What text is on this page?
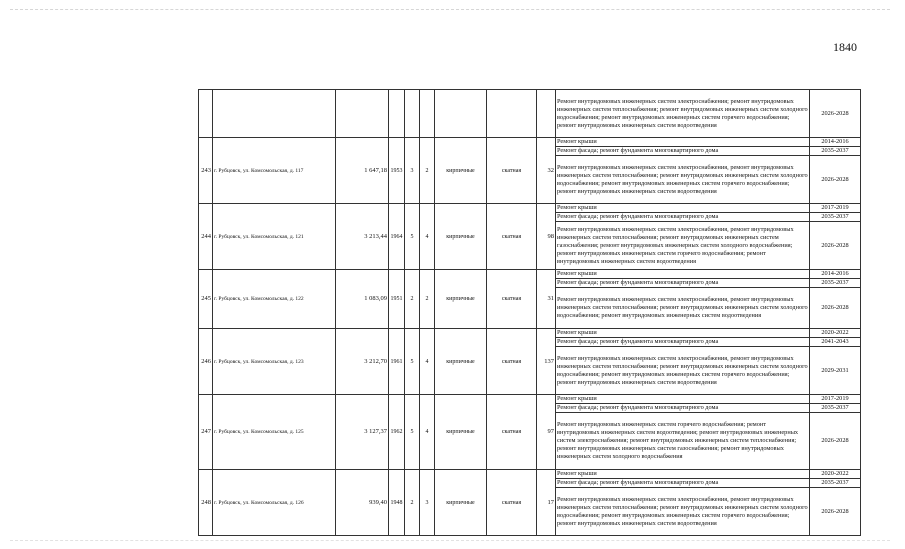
1840
									Ремонт внутридомовых инженерных систем электроснабжения; ремонт внутридомовых инженерных систем теплоснабжения; ремонт внутридомовых инженерных систем холодного водоснабжения; ремонт внутридомовых инженерных систем горячего водоснабжения; ремонт внутридомовых инженерных систем водоотведения	2026-2028
243	г. Рубцовск, ул. Комсомольская, д. 117	1 647,18	1953	3	2	кирпичные	скатная	32	Ремонт крыши	2014-2016
									Ремонт фасада; ремонт фундамента многоквартирного дома	2035-2037
									Ремонт внутридомовых инженерных систем электроснабжения, ремонт внутридомовых инженерных систем теплоснабжения; ремонт внутридомовых инженерных систем холодного водоснабжения; ремонт внутридомовых инженерных систем горячего водоснабжения; ремонт внутридомовых инженерных систем водоотведения	2026-2028
244	г. Рубцовск, ул. Комсомольская, д. 121	3 213,44	1964	5	4	кирпичные	скатная	98	Ремонт крыши	2017-2019
									Ремонт фасада; ремонт фундамента многоквартирного дома	2035-2037
									Ремонт внутридомовых инженерных систем электроснабжения, ремонт внутридомовых инженерных систем теплоснабжения; ремонт внутридомовых инженерных систем газоснабжения; ремонт внутридомовых инженерных систем холодного водоснабжения; ремонт внутридомовых инженерных систем горячего водоснабжения; ремонт внутридомовых инженерных систем водоотведения	2026-2028
245	г. Рубцовск, ул. Комсомольская, д. 122	1 083,09	1951	2	2	кирпичные	скатная	31	Ремонт крыши	2014-2016
									Ремонт фасада; ремонт фундамента многоквартирного дома	2035-2037
									Ремонт внутридомовых инженерных систем электроснабжения, ремонт внутридомовых инженерных систем теплоснабжения; ремонт внутридомовых инженерных систем холодного водоснабжения; ремонт внутридомовых инженерных систем водоотведения	2026-2028
246	г. Рубцовск, ул. Комсомольская, д. 123	3 212,70	1961	5	4	кирпичные	скатная	137	Ремонт крыши	2020-2022
									Ремонт фасада; ремонт фундамента многоквартирного дома	2041-2043
									Ремонт внутридомовых инженерных систем электроснабжения, ремонт внутридомовых инженерных систем теплоснабжения; ремонт внутридомовых инженерных систем холодного водоснабжения; ремонт внутридомовых инженерных систем горячего водоснабжения; ремонт внутридомовых инженерных систем водоотведения	2029-2031
247	г. Рубцовск, ул. Комсомольская, д. 125	3 127,37	1962	5	4	кирпичные	скатная	97	Ремонт крыши	2017-2019
									Ремонт фасада; ремонт фундамента многоквартирного дома	2035-2037
									Ремонт внутридомовых инженерных систем горячего водоснабжения; ремонт внутридомовых инженерных систем водоотведения; ремонт внутридомовых инженерных систем электроснабжения; ремонт внутридомовых инженерных систем теплоснабжения; ремонт внутридомовых инженерных систем газоснабжения; ремонт внутридомовых инженерных систем холодного водоснабжения	2026-2028
248	г. Рубцовск, ул. Комсомольская, д. 126	939,40	1948	2	3	кирпичные	скатная	17	Ремонт крыши	2020-2022
									Ремонт фасада; ремонт фундамента многоквартирного дома	2035-2037
									Ремонт внутридомовых инженерных систем электроснабжения, ремонт внутридомовых инженерных систем теплоснабжения; ремонт внутридомовых инженерных систем холодного водоснабжения; ремонт внутридомовых инженерных систем горячего водоснабжения; ремонт внутридомовых инженерных систем водоотведения	2026-2028
